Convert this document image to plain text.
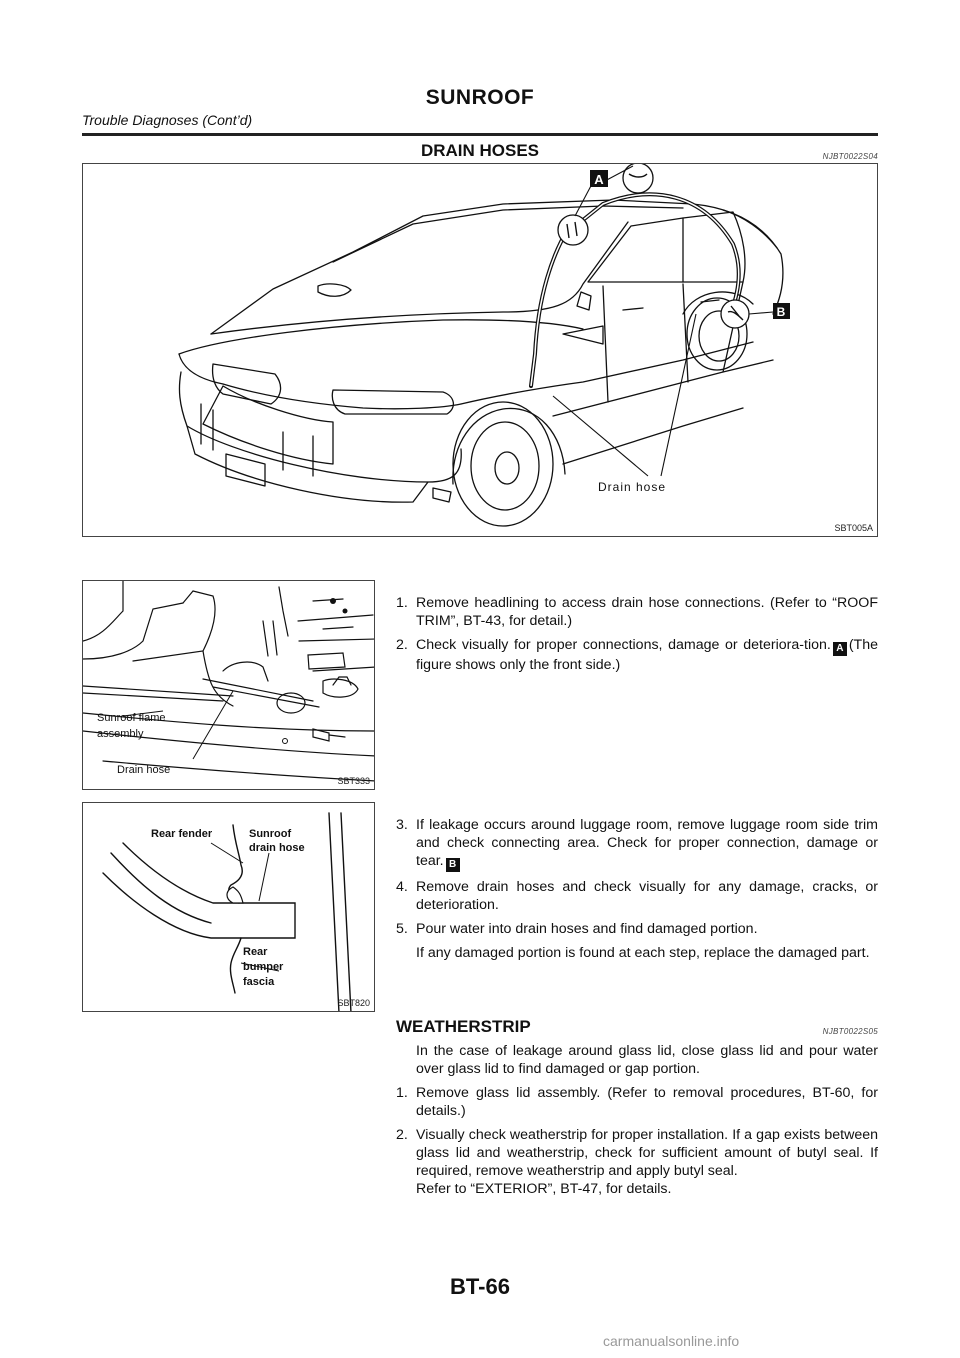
SUNROOF
Trouble Diagnoses (Cont’d)
DRAIN HOSES	NJBT0022S04
A
B
Drain hose
SBT005A
Sunroof flame
assembly
Drain hose
SBT333
Rear fender	Sunroof
drain hose
Rear
bumper
fascia
SBT820
1. Remove headlining to access drain hose connections. (Refer to “ROOF TRIM”, BT-43, for detail.)
2. Check visually for proper connections, damage or deteriora-tion. A (The figure shows only the front side.)
3. If leakage occurs around luggage room, remove luggage room side trim and check connecting area. Check for proper connection, damage or tear. B
4. Remove drain hoses and check visually for any damage, cracks, or deterioration.
5. Pour water into drain hoses and find damaged portion.
If any damaged portion is found at each step, replace the damaged part.
WEATHERSTRIP	NJBT0022S05
In the case of leakage around glass lid, close glass lid and pour water over glass lid to find damaged or gap portion.
1. Remove glass lid assembly. (Refer to removal procedures, BT-60, for details.)
2. Visually check weatherstrip for proper installation. If a gap exists between glass lid and weatherstrip, check for sufficient amount of butyl seal. If required, remove weatherstrip and apply butyl seal.
Refer to “EXTERIOR”, BT-47, for details.
BT-66
carmanualsonline.info
